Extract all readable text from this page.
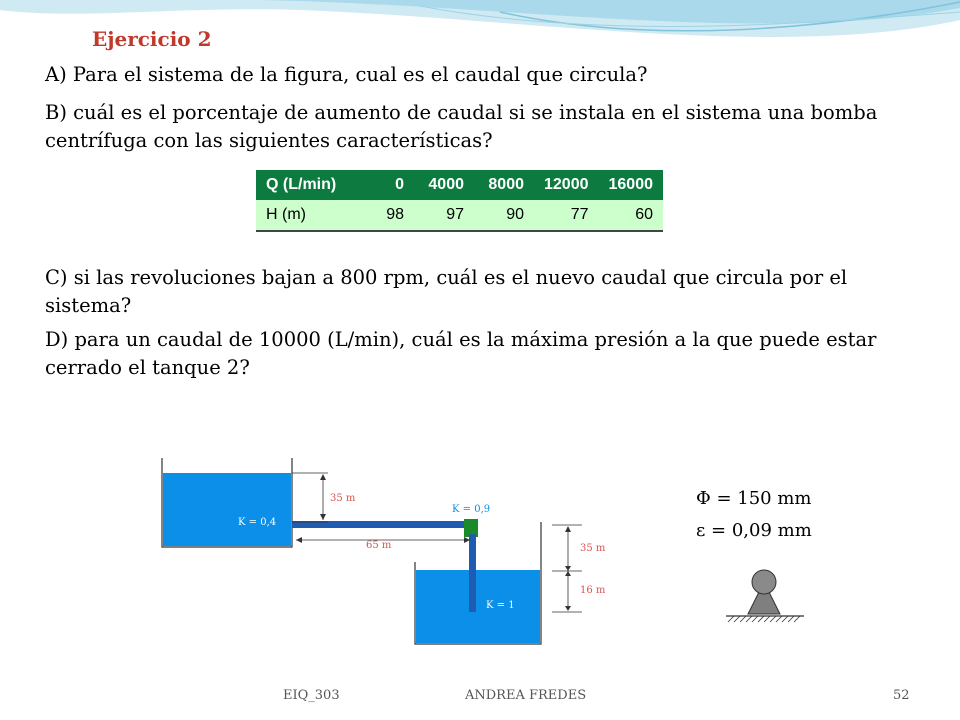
Ejercicio 2

A) Para el sistema de la figura, cual es el caudal que circula?

B) cuál es el porcentaje de aumento de caudal si se instala en el sistema una bomba centrífuga con las siguientes características?

Q (L/min)	0	4000	8000	12000	16000
H (m)	98	97	90	77	60

C) si las revoluciones bajan a 800 rpm, cuál es el nuevo caudal que circula por el sistema?

D) para un caudal de 10000 (L/min), cuál es la máxima presión a la que puede estar cerrado el tanque 2?

35 m
65 m	35 m
16 m
K = 0,4
K = 0,9
K = 1
Φ = 150 mm
ε = 0,09 mm
EIQ_303	ANDREA FREDES	52
